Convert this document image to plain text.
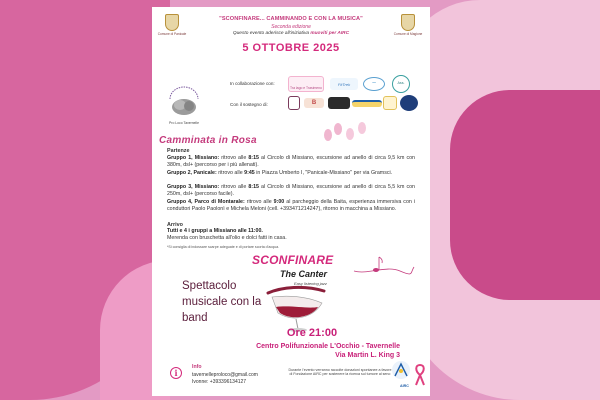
Comune di Panicale	Comune di Magione
"SCONFINARE... CAMMINANDO E CON LA MUSICA"
Seconda edizione
Questo evento aderisce all'iniziativa muoviti per AIRC
5 OTTOBRE 2025
Pro Loco Tavernelle
In collaborazione con:
Con il sostegno di:
Tra lago e Trasimeno
FitTrek	~	Ass.
B
Camminata in Rosa
Partenze
Gruppo 1, Missiano: ritrovo alle 8:15 al Circolo di Missiano, escursione ad anello di circa 9,5 km con 380m, dsl+ (percorso per i più allenati).
Gruppo 2, Panicale: ritrovo alle 9:45 in Piazza Umberto I, "Panicale-Missiano" per via Gramsci.
Gruppo 3, Missiano: ritrovo alle 8:15 al Circolo di Missiano, escursione ad anello di circa 5,5 km con 250m, dsl+ (percorso facile).
Gruppo 4, Parco di Montarale: ritrovo alle 9:00 al parcheggio della Baita, esperienza immersiva con i conduttori Paolo Paolonì e Michela Meloni (cell. +393471214247), ritorno in macchina a Missiano.
Arrivo
Tutti e 4 i gruppi a Missiano alle 11:00.
Merenda con bruschetta all'olio e dolci fatti in casa.
*Si consiglia di indossare scarpe adeguate e di portare scorta d'acqua.
SCONFINARE
The Canter
Easy listening jazz
Spettacolo musicale con la band
Ore 21:00
Centro Polifunzionale L'Occhio - Tavernelle
Via Martin L. King 3
i
Info
tavernelleproloco@gmail.com
Ivonne: +393396134127
Durante l'evento verranno raccolte donazioni spontanee a favore di Fondazione AIRC per sostenere la ricerca sul tumore al seno
AIRC
